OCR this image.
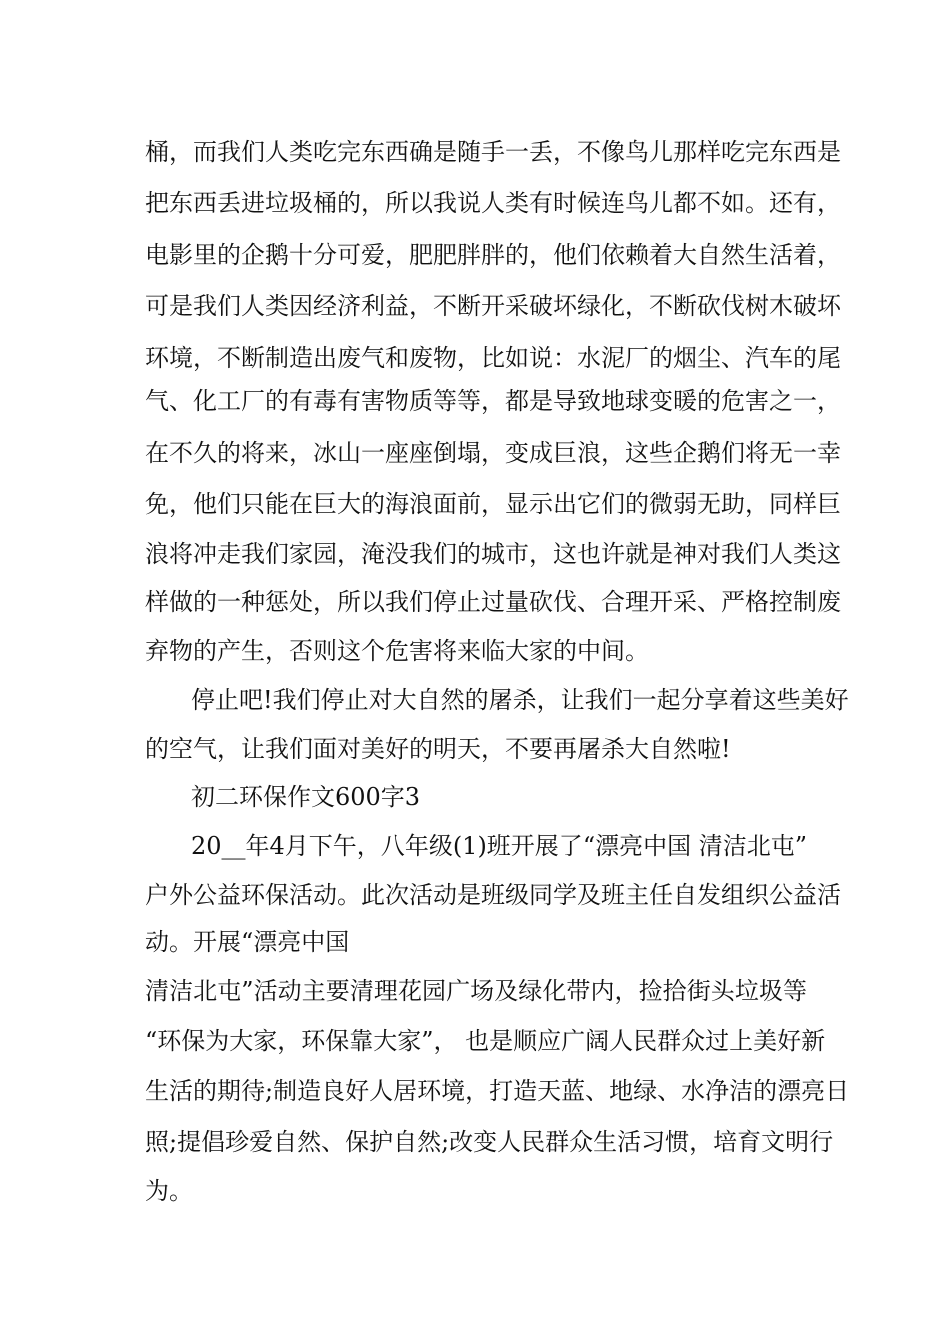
桶，而我们人类吃完东西确是随手一丢，不像鸟儿那样吃完东西是
把东西丢进垃圾桶的，所以我说人类有时候连鸟儿都不如。还有，
电影里的企鹅十分可爱，肥肥胖胖的，他们依赖着大自然生活着，
可是我们人类因经济利益，不断开采破坏绿化，不断砍伐树木破坏
环境，不断制造出废气和废物，比如说：水泥厂的烟尘、汽车的尾
气、化工厂的有毒有害物质等等，都是导致地球变暖的危害之一，
在不久的将来，冰山一座座倒塌，变成巨浪，这些企鹅们将无一幸
免，他们只能在巨大的海浪面前，显示出它们的微弱无助，同样巨
浪将冲走我们家园，淹没我们的城市，这也许就是神对我们人类这
样做的一种惩处，所以我们停止过量砍伐、合理开采、严格控制废
弃物的产生，否则这个危害将来临大家的中间。
停止吧!我们停止对大自然的屠杀，让我们一起分享着这些美好
的空气，让我们面对美好的明天，不要再屠杀大自然啦!
初二环保作文600字3
20__年4月下午，八年级(1)班开展了“漂亮中国 清洁北屯”
户外公益环保活动。此次活动是班级同学及班主任自发组织公益活
动。开展“漂亮中国
清洁北屯”活动主要清理花园广场及绿化带内，捡拾街头垃圾等
“环保为大家，环保靠大家”， 也是顺应广阔人民群众过上美好新
生活的期待;制造良好人居环境，打造天蓝、地绿、水净洁的漂亮日
照;提倡珍爱自然、保护自然;改变人民群众生活习惯，培育文明行
为。
